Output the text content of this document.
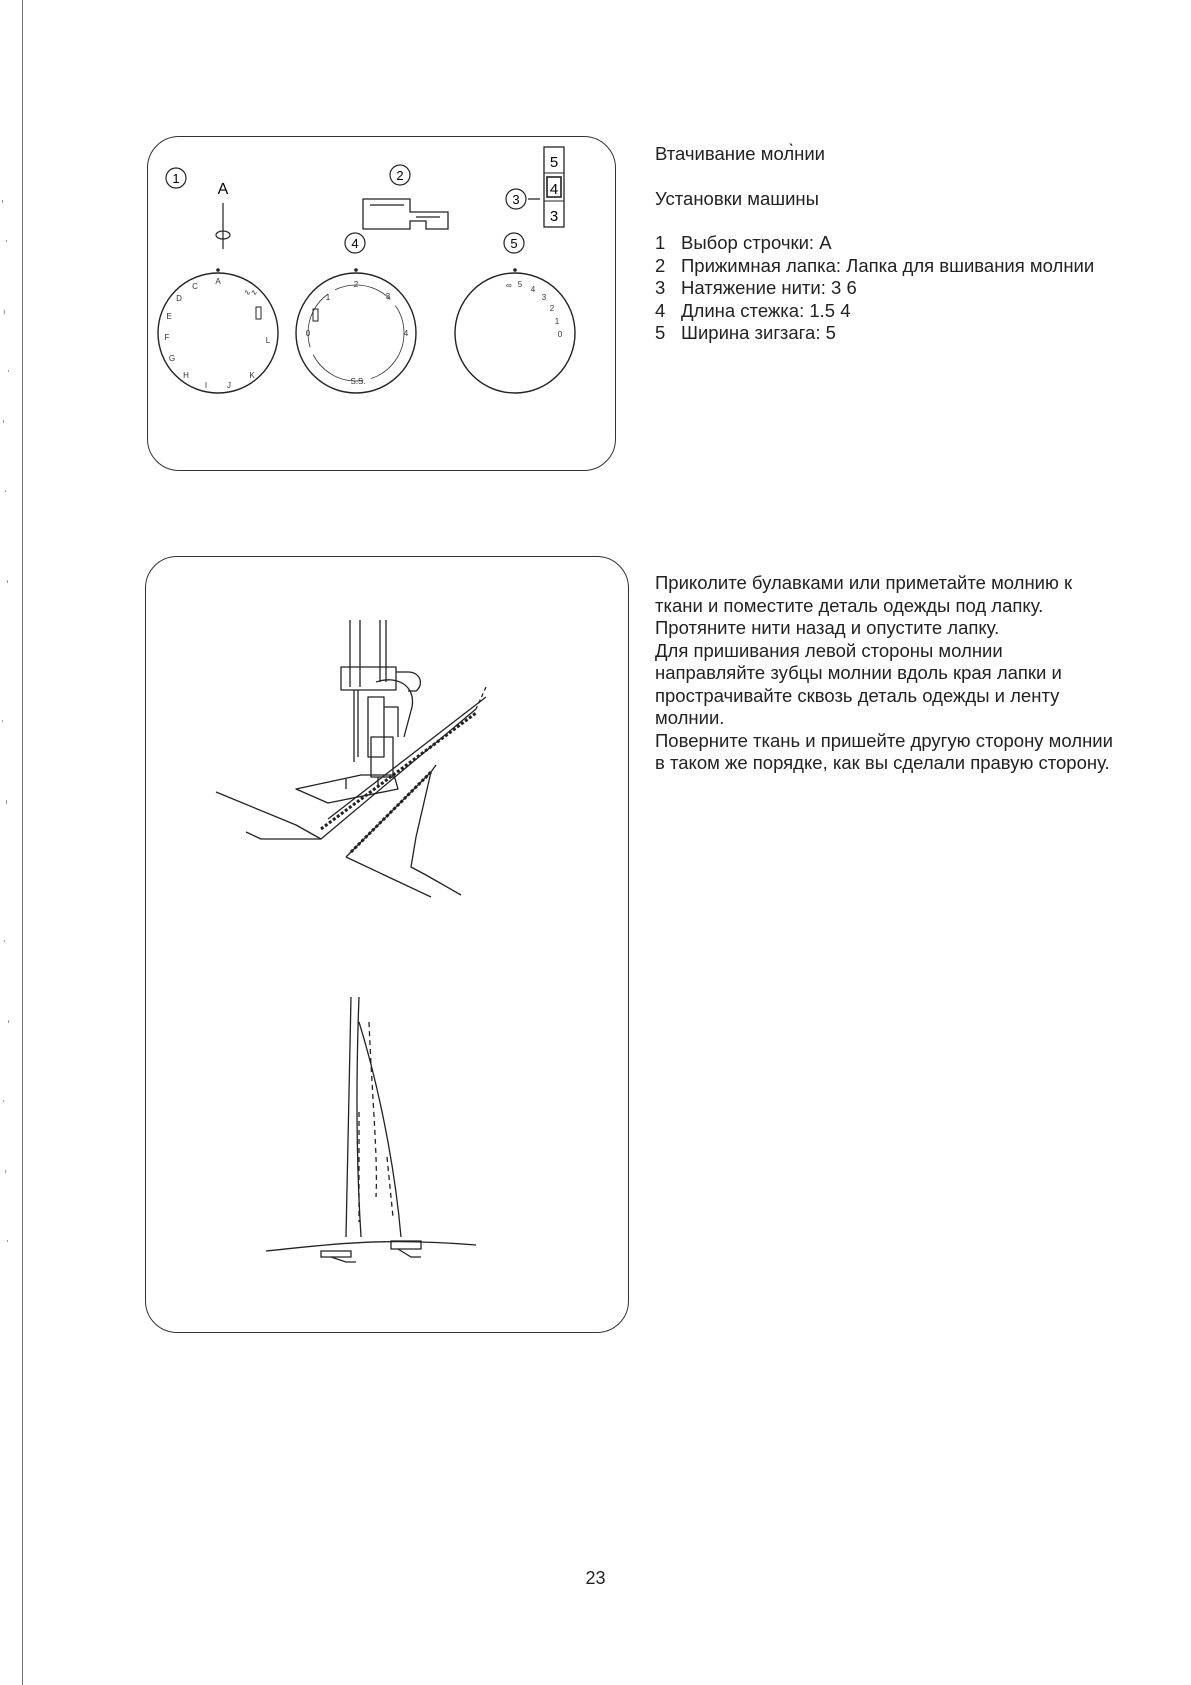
1
A
2
3
5
4
3
4	5
A
C
D
E
F
G
H
I J
K
L
∿∿
0
1
2
3
4
S.S.
5
4
3
2
1
0
∞
Втачивание мол̀нии
Установки машины
1 Выбор строчки: A
2 Прижимная лапка: Лапка для вшивания молнии
3 Натяжение нити: 3 6
4 Длина стежка: 1.5 4
5 Ширина зигзага: 5
Приколите булавками или приметайте молнию к ткани и поместите деталь одежды под лапку.
Протяните нити назад и опустите лапку.
Для пришивания левой стороны молнии направляйте зубцы молнии вдоль края лапки и прострачивайте сквозь деталь одежды и ленту молнии.
Поверните ткань и пришейте другую сторону молнии в таком же порядке, как вы сделали правую сторону.
23
